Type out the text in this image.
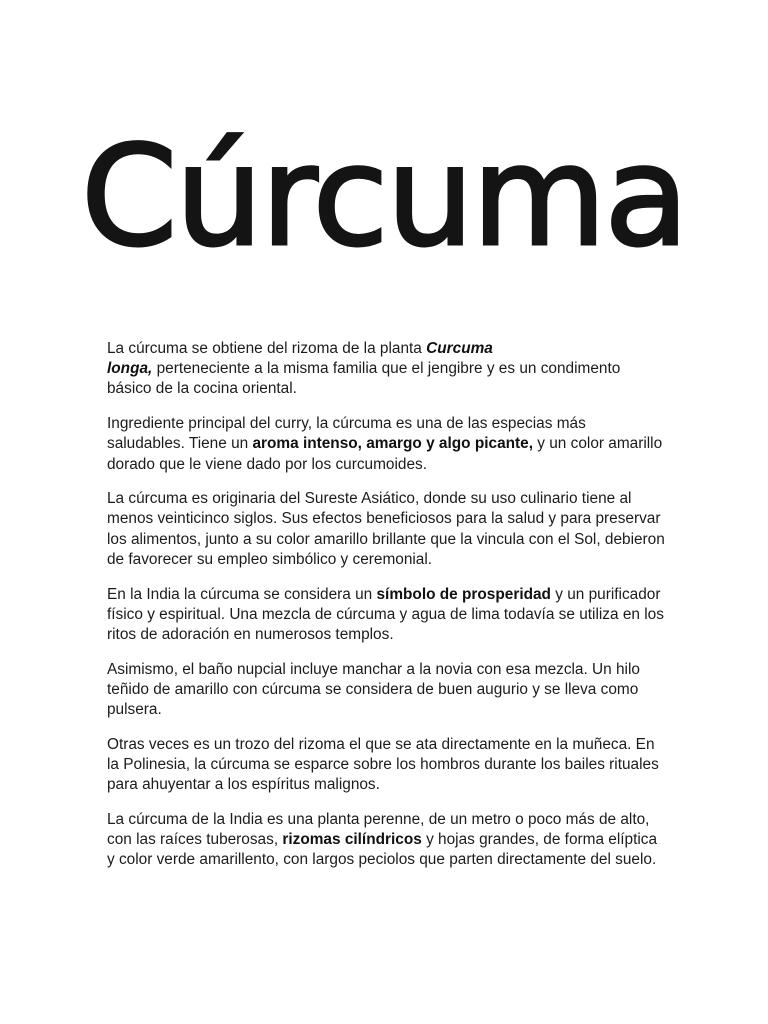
Cúrcuma

La cúrcuma se obtiene del rizoma de la planta Curcuma
longa, perteneciente a la misma familia que el jengibre y es un condimento básico de la cocina oriental.

Ingrediente principal del curry, la cúrcuma es una de las especias más saludables. Tiene un aroma intenso, amargo y algo picante, y un color amarillo dorado que le viene dado por los curcumoides.

La cúrcuma es originaria del Sureste Asiático, donde su uso culinario tiene al menos veinticinco siglos. Sus efectos beneficiosos para la salud y para preservar los alimentos, junto a su color amarillo brillante que la vincula con el Sol, debieron de favorecer su empleo simbólico y ceremonial.

En la India la cúrcuma se considera un símbolo de prosperidad y un purificador físico y espiritual. Una mezcla de cúrcuma y agua de lima todavía se utiliza en los ritos de adoración en numerosos templos.

Asimismo, el baño nupcial incluye manchar a la novia con esa mezcla. Un hilo teñido de amarillo con cúrcuma se considera de buen augurio y se lleva como pulsera.

Otras veces es un trozo del rizoma el que se ata directamente en la muñeca. En la Polinesia, la cúrcuma se esparce sobre los hombros durante los bailes rituales para ahuyentar a los espíritus malignos.

La cúrcuma de la India es una planta perenne, de un metro o poco más de alto, con las raíces tuberosas, rizomas cilíndricos y hojas grandes, de forma elíptica y color verde amarillento, con largos peciolos que parten directamente del suelo.
